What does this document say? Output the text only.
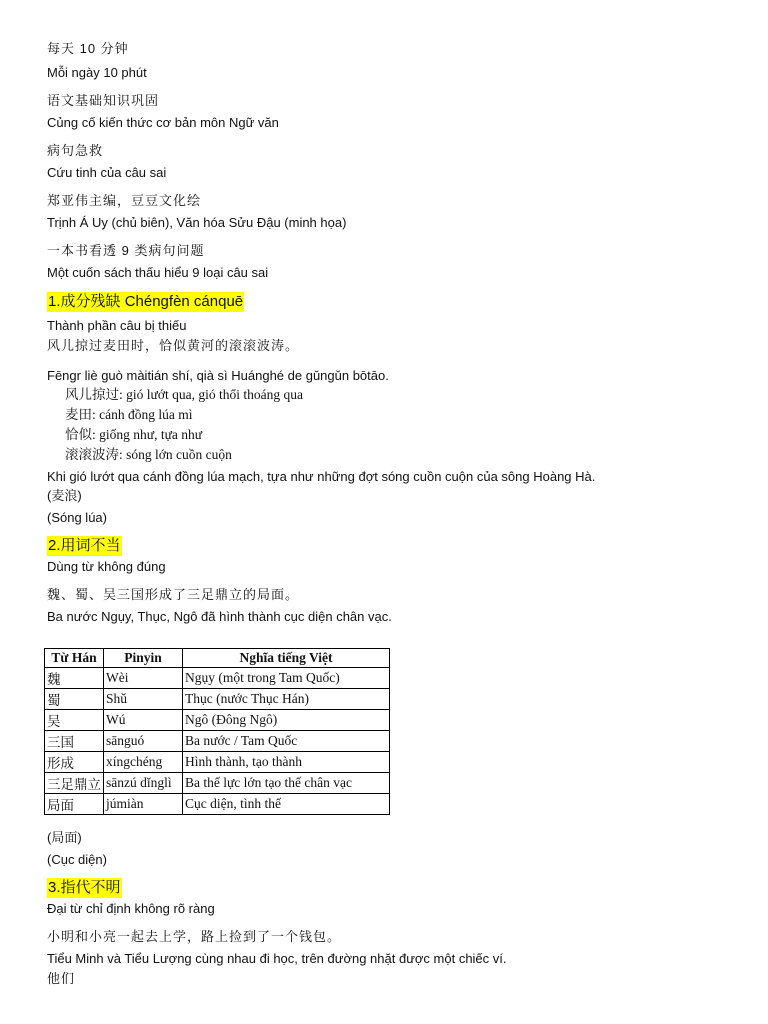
每天 10 分钟
Mỗi ngày 10 phút
语文基础知识巩固
Củng cố kiến thức cơ bản môn Ngữ văn
病句急救
Cứu tinh của câu sai
郑亚伟主编，豆豆文化绘
Trịnh Á Uy (chủ biên), Văn hóa Sửu Đậu (minh họa)
一本书看透 9 类病句问题
Một cuốn sách thấu hiểu 9 loại câu sai
1.成分残缺 Chéngfèn cánquē
Thành phần câu bị thiếu
风儿掠过麦田时，恰似黄河的滚滚波涛。
Fēngr liè guò màitián shí, qià sì Huánghé de gǔngǔn bōtāo.
风儿掠过: gió lướt qua, gió thổi thoáng qua
麦田: cánh đồng lúa mì
恰似: giống như, tựa như
滚滚波涛: sóng lớn cuồn cuộn
Khi gió lướt qua cánh đồng lúa mạch, tựa như những đợt sóng cuồn cuộn của sông Hoàng Hà.
(麦浪)
(Sóng lúa)
2.用词不当
Dùng từ không đúng
魏、蜀、吴三国形成了三足鼎立的局面。
Ba nước Ngụy, Thục, Ngô đã hình thành cục diện chân vạc.
Từ Hán	Pinyin	Nghĩa tiếng Việt
魏	Wèi	Ngụy (một trong Tam Quốc)
蜀	Shǔ	Thục (nước Thục Hán)
吴	Wú	Ngô (Đông Ngô)
三国	sānguó	Ba nước / Tam Quốc
形成	xíngchéng	Hình thành, tạo thành
三足鼎立	sānzú dǐnglì	Ba thế lực lớn tạo thế chân vạc
局面	júmiàn	Cục diện, tình thế
(局面)
(Cục diện)
3.指代不明
Đại từ chỉ định không rõ ràng
小明和小亮一起去上学，路上捡到了一个钱包。
Tiểu Minh và Tiểu Lượng cùng nhau đi học, trên đường nhặt được một chiếc ví.
他们
